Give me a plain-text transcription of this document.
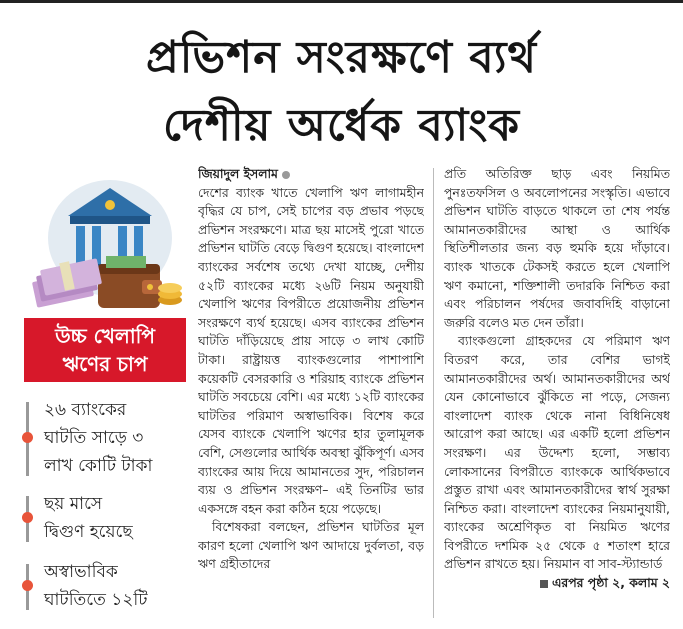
প্রভিশন সংরক্ষণে ব্যর্থ
দেশীয় অর্ধেক ব্যাংক
উচ্চ খেলাপি
ঋণের চাপ
২৬ ব্যাংকের
ঘাটতি সাড়ে ৩
লাখ কোটি টাকা
ছয় মাসে
দ্বিগুণ হয়েছে
অস্বাভাবিক
ঘাটতিতে ১২টি
জিয়াদুল ইসলাম

দেশের ব্যাংক খাতে খেলাপি ঋণ লাগামহীন বৃদ্ধির যে চাপ, সেই চাপের বড় প্রভাব পড়ছে প্রভিশন সংরক্ষণে। মাত্র ছয় মাসেই পুরো খাতে প্রভিশন ঘাটতি বেড়ে দ্বিগুণ হয়েছে। বাংলাদেশ ব্যাংকের সর্বশেষ তথ্যে দেখা যাচ্ছে, দেশীয় ৫২টি ব্যাংকের মধ্যে ২৬টি নিয়ম অনুযায়ী খেলাপি ঋণের বিপরীতে প্রয়োজনীয় প্রভিশন সংরক্ষণে ব্যর্থ হয়েছে। এসব ব্যাংকের প্রভিশন ঘাটতি দাঁড়িয়েছে প্রায় সাড়ে ৩ লাখ কোটি টাকা। রাষ্ট্রায়ত্ত ব্যাংকগুলোর পাশাপাশি কয়েকটি বেসরকারি ও শরিয়াহ ব্যাংকে প্রভিশন ঘাটতি সবচেয়ে বেশি। এর মধ্যে ১২টি ব্যাংকের ঘাটতির পরিমাণ অস্বাভাবিক। বিশেষ করে যেসব ব্যাংকে খেলাপি ঋণের হার তুলামূলক বেশি, সেগুলোর আর্থিক অবস্থা ঝুঁকিপূর্ণ। এসব ব্যাংকের আয় দিয়ে আমানতের সুদ, পরিচালন ব্যয় ও প্রভিশন সংরক্ষণ– এই তিনটির ভার একসঙ্গে বহন করা কঠিন হয়ে পড়েছে।

বিশেষকরা বলছেন, প্রভিশন ঘাটতির মূল কারণ হলো খেলাপি ঋণ আদায়ে দুর্বলতা, বড় ঋণ গ্রহীতাদের

প্রতি অতিরিক্ত ছাড় এবং নিয়মিত পুনঃতফসিল ও অবলোপনের সংস্কৃতি। এভাবে প্রভিশন ঘাটতি বাড়তে থাকলে তা শেষ পর্যন্ত আমানতকারীদের আস্থা ও আর্থিক স্থিতিশীলতার জন্য বড় হুমকি হয়ে দাঁড়াবে। ব্যাংক খাতকে টেকসই করতে হলে খেলাপি ঋণ কমানো, শক্তিশালী তদারকি নিশ্চিত করা এবং পরিচালন পর্ষদের জবাবদিহি বাড়ানো জরুরি বলেও মত দেন তাঁরা।

ব্যাংকগুলো গ্রাহকদের যে পরিমাণ ঋণ বিতরণ করে, তার বেশির ভাগই আমানতকারীদের অর্থ। আমানতকারীদের অর্থ যেন কোনোভাবে ঝুঁকিতে না পড়ে, সেজন্য বাংলাদেশ ব্যাংক থেকে নানা বিধিনিষেধ আরোপ করা আছে। এর একটি হলো প্রভিশন সংরক্ষণ। এর উদ্দেশ্য হলো, সম্ভাব্য লোকসানের বিপরীতে ব্যাংককে আর্থিকভাবে প্রস্তুত রাখা এবং আমানতকারীদের স্বার্থ সুরক্ষা নিশ্চিত করা। বাংলাদেশ ব্যাংকের নিয়মানুযায়ী, ব্যাংকের অশ্রেণিকৃত বা নিয়মিত ঋণের বিপরীতে দশমিক ২৫ থেকে ৫ শতাংশ হারে প্রভিশন রাখতে হয়। নিয়মান বা সাব-স্ট্যান্ডার্ড

এরপর পৃষ্ঠা ২, কলাম ২
